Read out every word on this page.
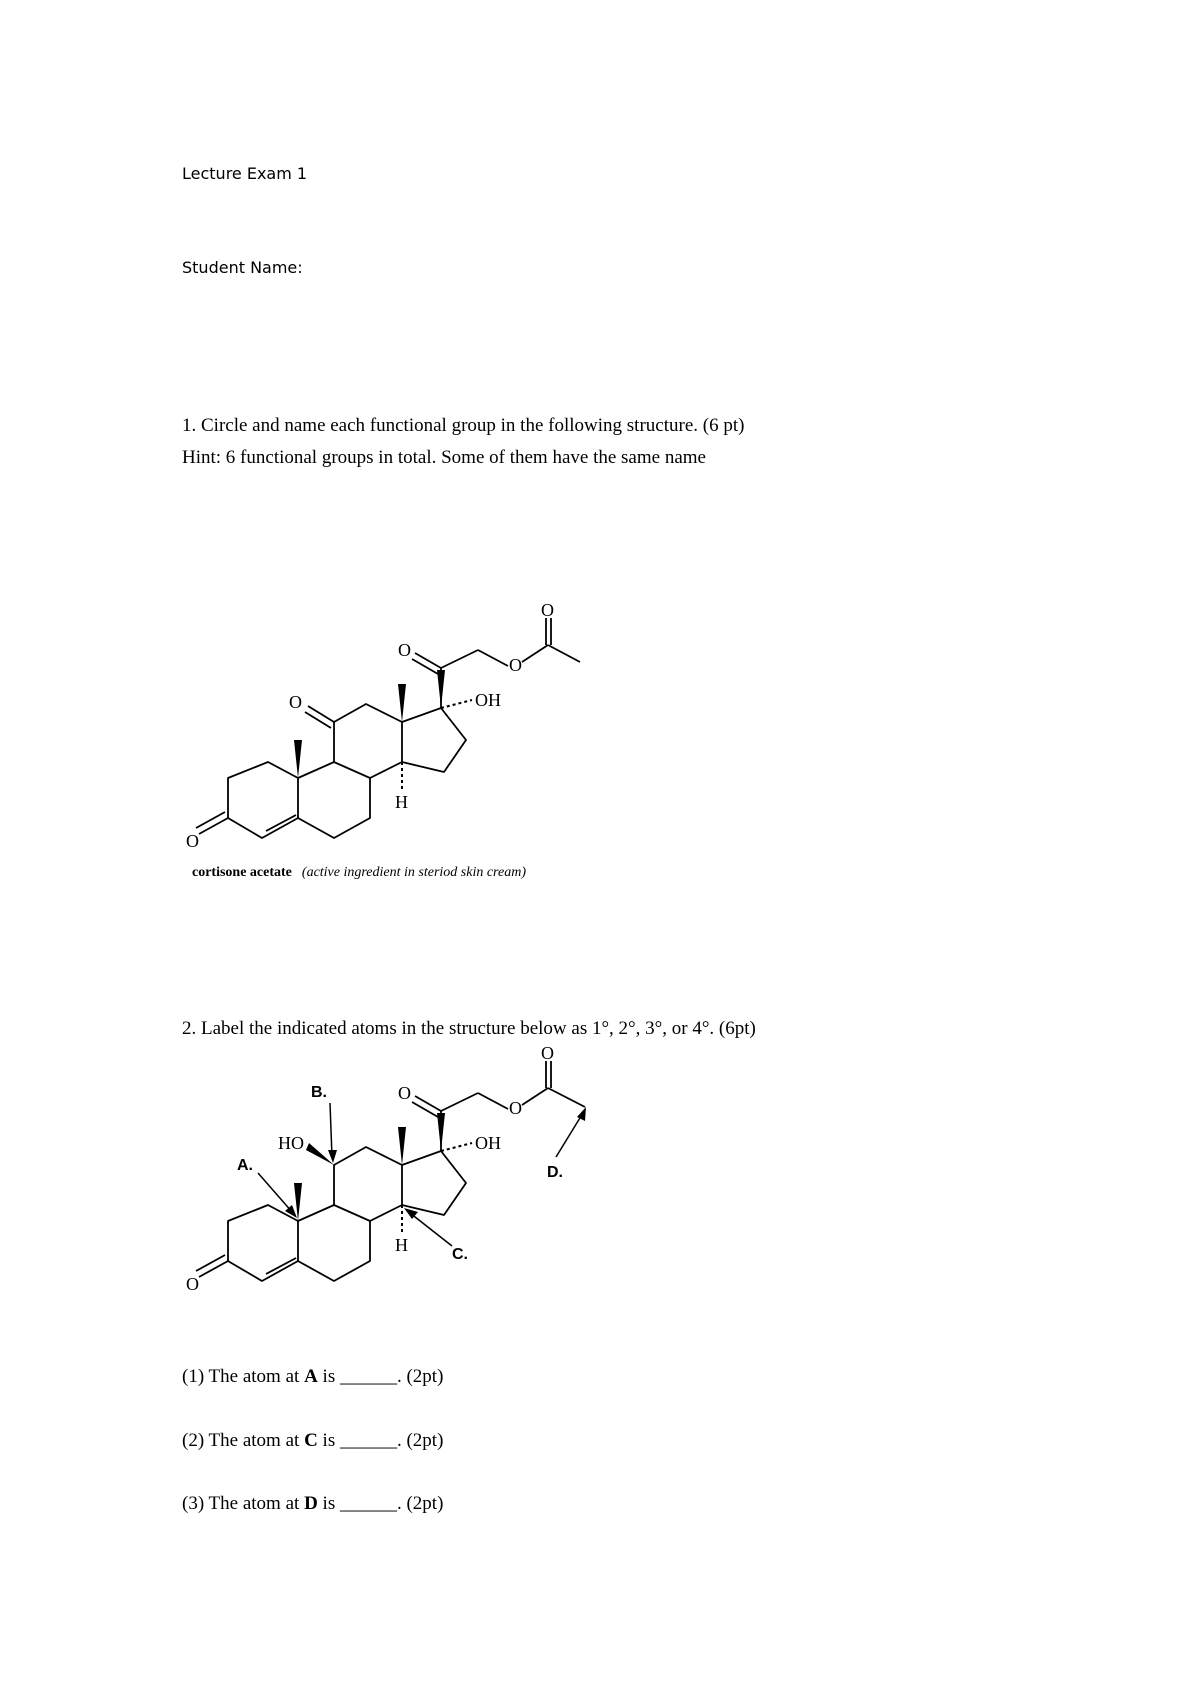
Lecture Exam 1
Student Name:
1. Circle and name each functional group in the following structure. (6 pt)
Hint: 6 functional groups in total. Some of them have the same name
O
O
O
O
O
OH
H
cortisone acetate (active ingredient in steriod skin cream)
2. Label the indicated atoms in the structure below as 1°, 2°, 3°, or 4°. (6pt)
O
O
O
O
OH
HO
H
A.
B.
C.
D.
(1) The atom at A is ______. (2pt)
(2) The atom at C is ______. (2pt)
(3) The atom at D is ______. (2pt)
